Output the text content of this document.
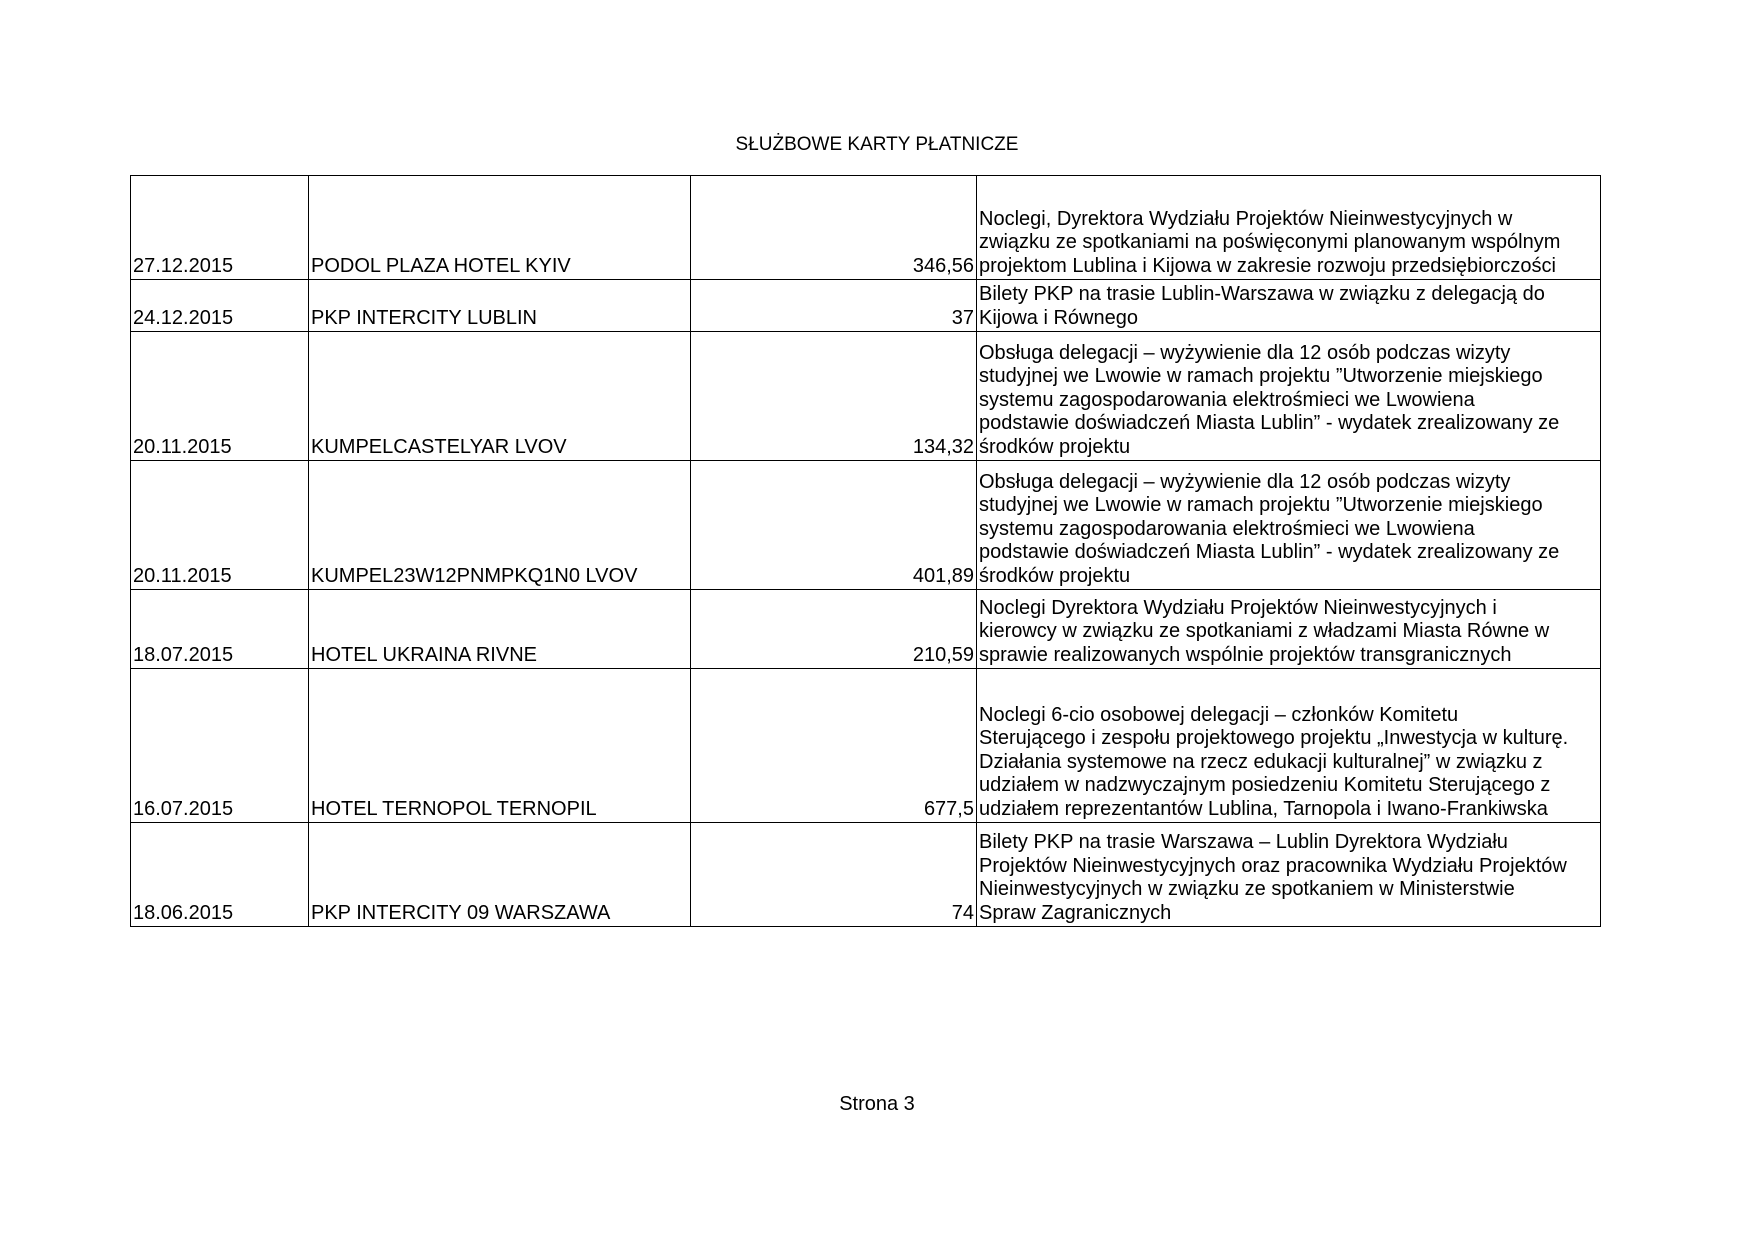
SŁUŻBOWE KARTY PŁATNICZE
27.12.2015	PODOL PLAZA HOTEL KYIV	346,56	Noclegi, Dyrektora Wydziału Projektów Nieinwestycyjnych w
związku ze spotkaniami na poświęconymi planowanym wspólnym
projektom Lublina i Kijowa w zakresie rozwoju przedsiębiorczości

24.12.2015	PKP INTERCITY LUBLIN	37	Bilety PKP na trasie Lublin-Warszawa w związku z delegacją do
Kijowa i Równego

20.11.2015	KUMPELCASTELYAR LVOV	134,32	Obsługa delegacji – wyżywienie dla 12 osób podczas wizyty
studyjnej we Lwowie w ramach projektu ”Utworzenie miejskiego
systemu zagospodarowania elektrośmieci we Lwowiena
podstawie doświadczeń Miasta Lublin” - wydatek zrealizowany ze
środków projektu

20.11.2015	KUMPEL23W12PNMPKQ1N0 LVOV	401,89	Obsługa delegacji – wyżywienie dla 12 osób podczas wizyty
studyjnej we Lwowie w ramach projektu ”Utworzenie miejskiego
systemu zagospodarowania elektrośmieci we Lwowiena
podstawie doświadczeń Miasta Lublin” - wydatek zrealizowany ze
środków projektu

18.07.2015	HOTEL UKRAINA RIVNE	210,59	Noclegi Dyrektora Wydziału Projektów Nieinwestycyjnych i
kierowcy w związku ze spotkaniami z władzami Miasta Równe w
sprawie realizowanych wspólnie projektów transgranicznych

16.07.2015	HOTEL TERNOPOL TERNOPIL	677,5	Noclegi 6-cio osobowej delegacji – członków Komitetu
Sterującego i zespołu projektowego projektu „Inwestycja w kulturę.
Działania systemowe na rzecz edukacji kulturalnej” w związku z
udziałem w nadzwyczajnym posiedzeniu Komitetu Sterującego z
udziałem reprezentantów Lublina, Tarnopola i Iwano-Frankiwska

18.06.2015	PKP INTERCITY 09 WARSZAWA	74	Bilety PKP na trasie Warszawa – Lublin Dyrektora Wydziału
Projektów Nieinwestycyjnych oraz pracownika Wydziału Projektów
Nieinwestycyjnych w związku ze spotkaniem w Ministerstwie
Spraw Zagranicznych
Strona 3
